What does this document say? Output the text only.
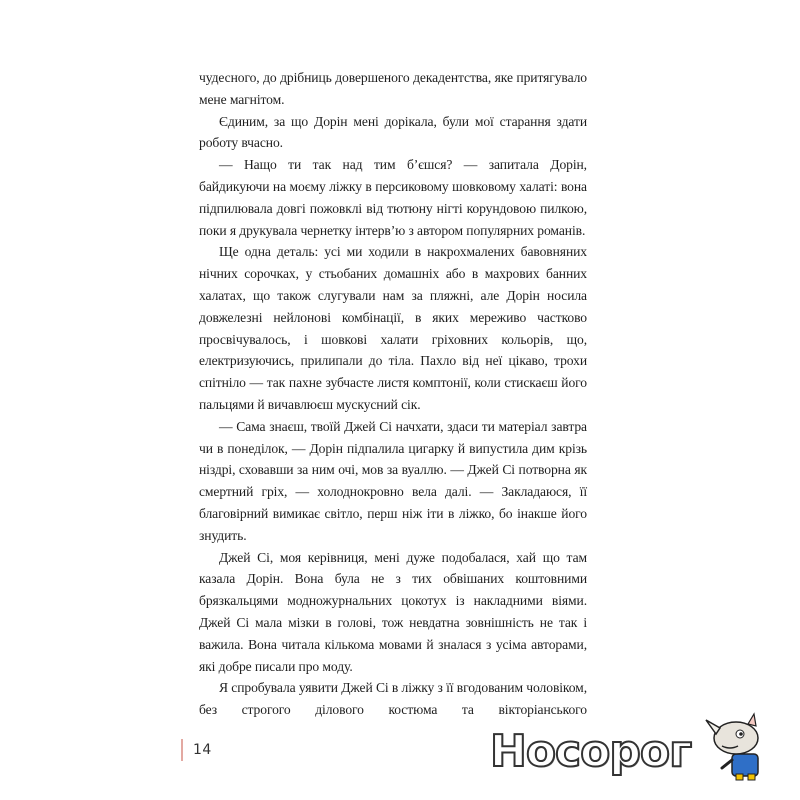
чудесного, до дрібниць довершеного декадентства, яке притягувало мене магнітом.

Єдиним, за що Дорін мені дорікала, були мої старання здати роботу вчасно.

— Нащо ти так над тим б’єшся? — запитала Дорін, байдикуючи на моєму ліжку в персиковому шовковому халаті: вона підпилювала довгі пожовклі від тютюну нігті корундовою пилкою, поки я друкувала чернетку інтерв’ю з автором популярних романів.

Ще одна деталь: усі ми ходили в накрохмалених бавовняних нічних сорочках, у стьобаних домашніх або в махрових банних халатах, що також слугували нам за пляжні, але Дорін носила довжелезні нейлонові комбінації, в яких мереживо частково просвічувалось, і шовкові халати гріховних кольорів, що, електризуючись, прилипали до тіла. Пахло від неї цікаво, трохи спітніло — так пахне зубчасте листя комптонії, коли стискаєш його пальцями й вичавлюєш мускусний сік.

— Сама знаєш, твоїй Джей Сі начхати, здаси ти матеріал завтра чи в понеділок, — Дорін підпалила цигарку й випустила дим крізь ніздрі, сховавши за ним очі, мов за вуаллю. — Джей Сі потворна як смертний гріх, — холоднокровно вела далі. — Закладаюся, її благовірний вимикає світло, перш ніж іти в ліжко, бо інакше його знудить.

Джей Сі, моя керівниця, мені дуже подобалася, хай що там казала Дорін. Вона була не з тих обвішаних коштовними брязкальцями модножурнальних цокотух із накладними віями. Джей Сі мала мізки в голові, тож невдатна зовнішність не так і важила. Вона читала кількома мовами й зналася з усіма авторами, які добре писали про моду.

Я спробувала уявити Джей Сі в ліжку з її вгодованим чоловіком, без строгого ділового костюма та вікторіанського

14	Носорог
